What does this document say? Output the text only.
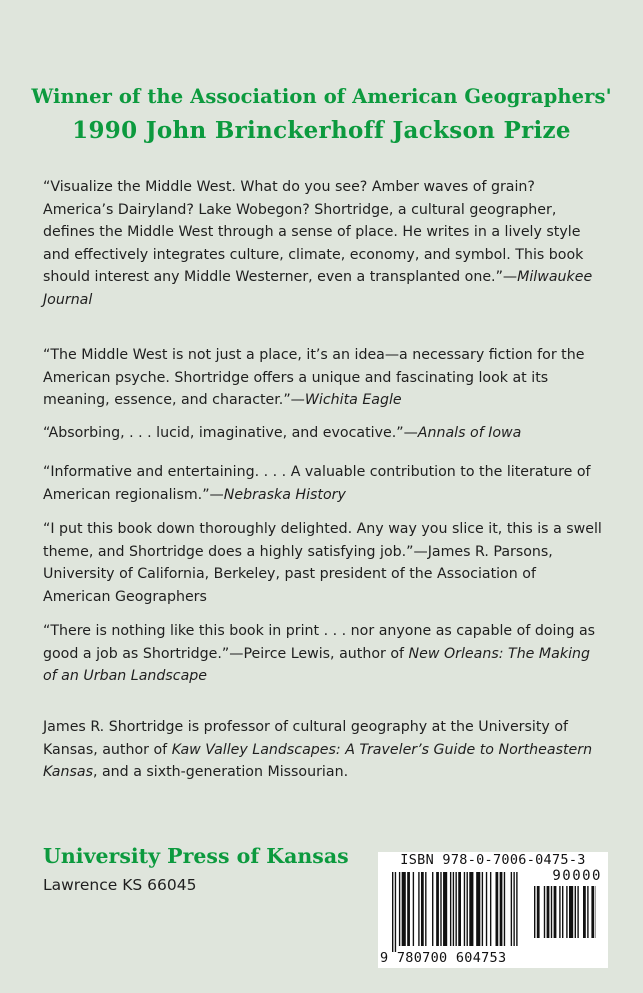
Winner of the Association of American Geographers'
1990 John Brinckerhoff Jackson Prize

“Visualize the Middle West. What do you see? Amber waves of grain? America’s Dairyland? Lake Wobegon? Shortridge, a cultural geographer, defines the Middle West through a sense of place. He writes in a lively style and effectively integrates culture, climate, economy, and symbol. This book should interest any Middle Westerner, even a transplanted one.”—Milwaukee Journal

“The Middle West is not just a place, it’s an idea—a necessary fiction for the American psyche. Shortridge offers a unique and fascinating look at its meaning, essence, and character.”—Wichita Eagle

“Absorbing, . . . lucid, imaginative, and evocative.”—Annals of Iowa

“Informative and entertaining. . . . A valuable contribution to the literature of American regionalism.”—Nebraska History

“I put this book down thoroughly delighted. Any way you slice it, this is a swell theme, and Shortridge does a highly satisfying job.”—James R. Parsons, University of California, Berkeley, past president of the Association of American Geographers

“There is nothing like this book in print . . . nor anyone as capable of doing as good a job as Shortridge.”—Peirce Lewis, author of New Orleans: The Making of an Urban Landscape

James R. Shortridge is professor of cultural geography at the University of Kansas, author of Kaw Valley Landscapes: A Traveler’s Guide to Northeastern Kansas, and a sixth-generation Missourian.

University Press of Kansas
Lawrence KS 66045
ISBN 978-0-7006-0475-3
90000
9 780700 604753
